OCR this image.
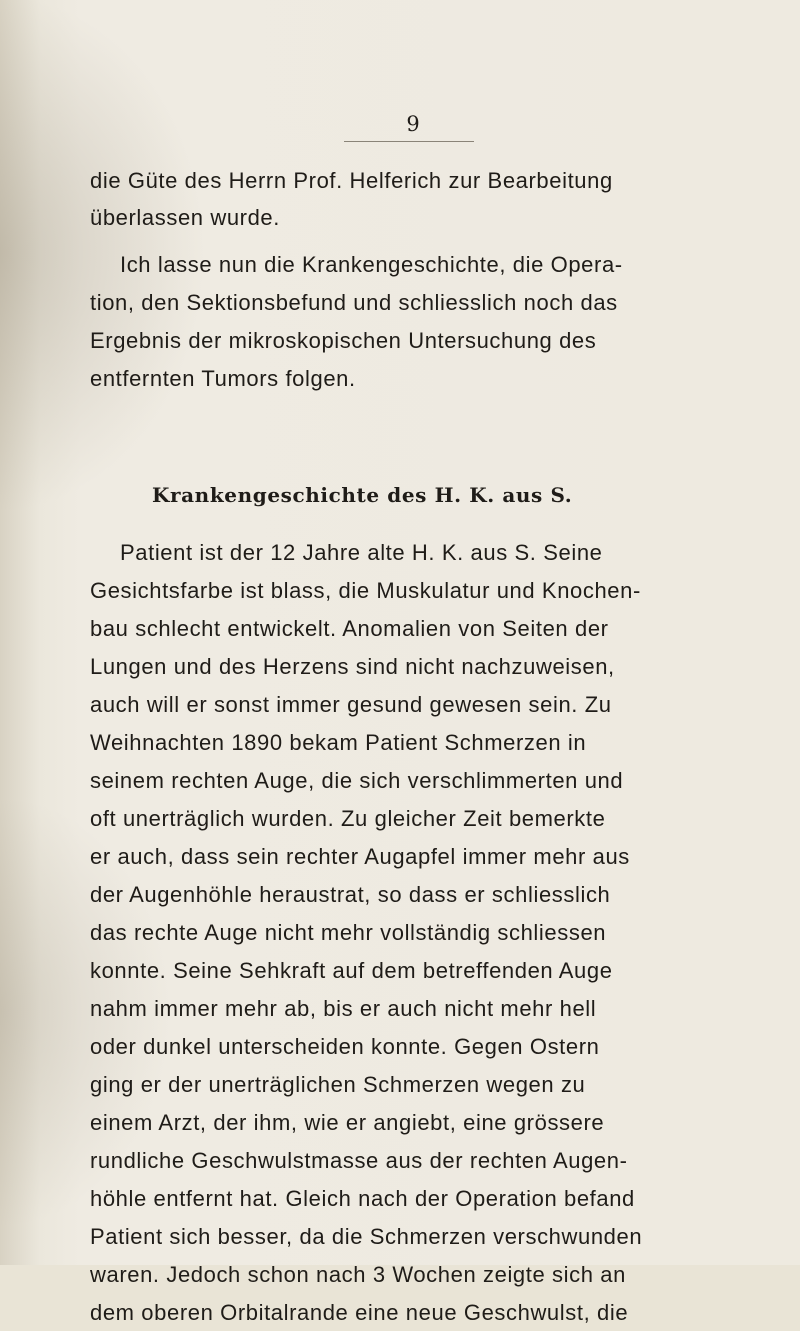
9
die Güte des Herrn Prof. Helferich zur Bearbeitung
überlassen wurde.
Ich lasse nun die Krankengeschichte, die Opera-
tion, den Sektionsbefund und schliesslich noch das
Ergebnis der mikroskopischen Untersuchung des
entfernten Tumors folgen.
Krankengeschichte des H. K. aus S.
Patient ist der 12 Jahre alte H. K. aus S. Seine
Gesichtsfarbe ist blass, die Muskulatur und Knochen-
bau schlecht entwickelt. Anomalien von Seiten der
Lungen und des Herzens sind nicht nachzuweisen,
auch will er sonst immer gesund gewesen sein. Zu
Weihnachten 1890 bekam Patient Schmerzen in
seinem rechten Auge, die sich verschlimmerten und
oft unerträglich wurden. Zu gleicher Zeit bemerkte
er auch, dass sein rechter Augapfel immer mehr aus
der Augenhöhle heraustrat, so dass er schliesslich
das rechte Auge nicht mehr vollständig schliessen
konnte. Seine Sehkraft auf dem betreffenden Auge
nahm immer mehr ab, bis er auch nicht mehr hell
oder dunkel unterscheiden konnte. Gegen Ostern
ging er der unerträglichen Schmerzen wegen zu
einem Arzt, der ihm, wie er angiebt, eine grössere
rundliche Geschwulstmasse aus der rechten Augen-
höhle entfernt hat. Gleich nach der Operation befand
Patient sich besser, da die Schmerzen verschwunden
waren. Jedoch schon nach 3 Wochen zeigte sich an
dem oberen Orbitalrande eine neue Geschwulst, die
